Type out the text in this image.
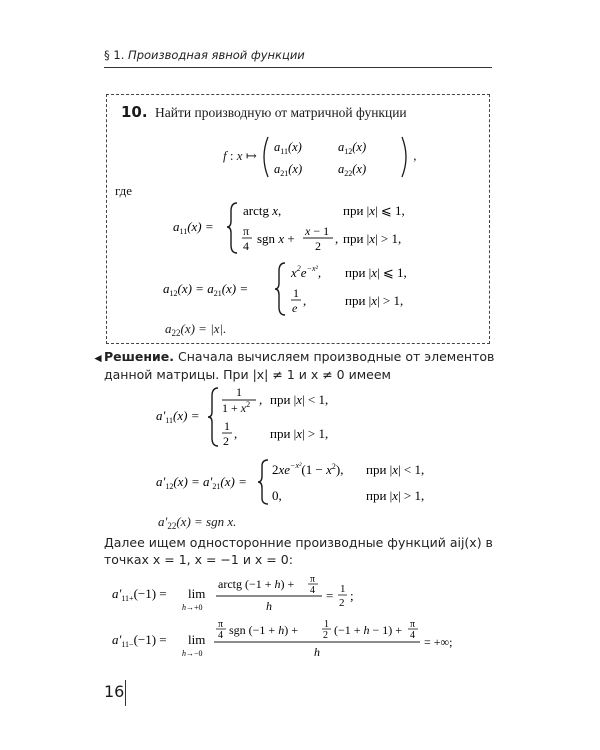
§ 1. Производная явной функции
10. Найти производную от матричной функции
f : x ↦
$a_{11}(x)$	$a_{12}(x)$
$a_{21}(x)$	$a_{22}(x)$
,
где
$a_{11}(x)$ =
arctg x,	при |x| ⩽ 1,
π
4 sgn x + x − 1
2 , при |x| > 1,
$a_{12}(x) = a_{21}(x)$ =
$x^2e^{-x^2}$, при |x| ⩽ 1,
1
e ,	при |x| > 1,
$a_{22}(x) = |x|$.
◄ Решение. Сначала вычисляем производные от элементов данной матрицы. При |x| ≠ 1 и x ≠ 0 имеем
$a'_{11}(x)$ =
1
$1 + x^2$ , при |x| < 1,
1
2 ,	при |x| > 1,
$a'_{12}(x) = a'_{21}(x)$ =
$2xe^{-x^2}(1 - x^2)$, при |x| < 1,
0,	при |x| > 1,
$a'_{22}(x)$ = sgn x.
Далее ищем односторонние производные функций aij(x) в точках x = 1, x = −1 и x = 0:
$a'_{11+}(-1) = \lim$
h→+0
arctg (−1 + h) + π
4
h
= 1
2 ;
$a'_{11-}(-1) = \lim$
h→−0
π
4 sgn (−1 + h) +	1
2 (−1 + h − 1) + π
4
h
= +∞;
16
